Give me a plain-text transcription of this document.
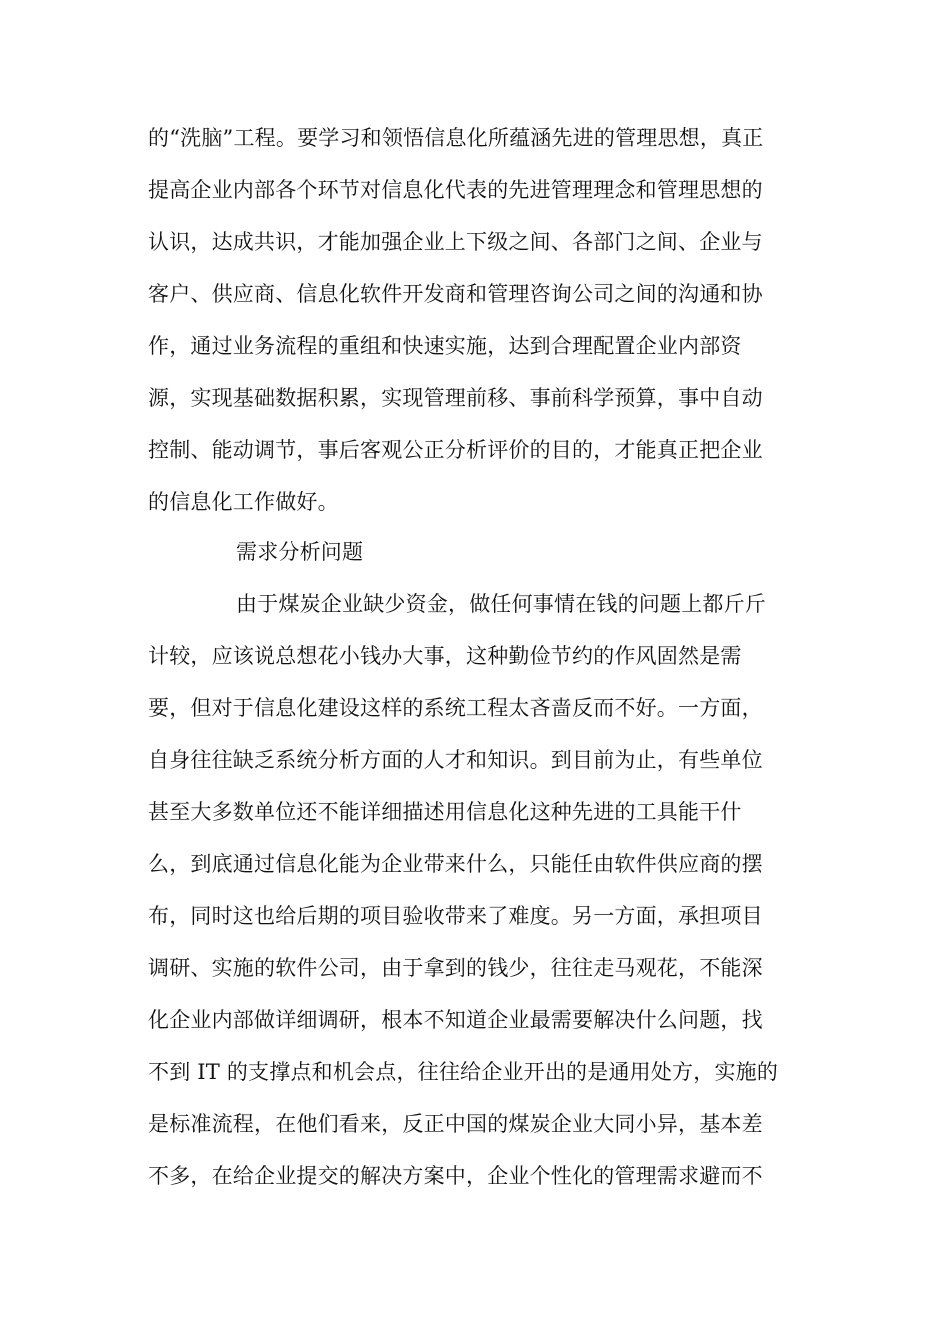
的“洗脑”工程。要学习和领悟信息化所蕴涵先进的管理思想，真正
提高企业内部各个环节对信息化代表的先进管理理念和管理思想的
认识，达成共识，才能加强企业上下级之间、各部门之间、企业与
客户、供应商、信息化软件开发商和管理咨询公司之间的沟通和协
作，通过业务流程的重组和快速实施，达到合理配置企业内部资
源，实现基础数据积累，实现管理前移、事前科学预算，事中自动
控制、能动调节，事后客观公正分析评价的目的，才能真正把企业
的信息化工作做好。
需求分析问题
由于煤炭企业缺少资金，做任何事情在钱的问题上都斤斤
计较，应该说总想花小钱办大事，这种勤俭节约的作风固然是需
要，但对于信息化建设这样的系统工程太吝啬反而不好。一方面，
自身往往缺乏系统分析方面的人才和知识。到目前为止，有些单位
甚至大多数单位还不能详细描述用信息化这种先进的工具能干什
么，到底通过信息化能为企业带来什么，只能任由软件供应商的摆
布，同时这也给后期的项目验收带来了难度。另一方面，承担项目
调研、实施的软件公司，由于拿到的钱少，往往走马观花，不能深
化企业内部做详细调研，根本不知道企业最需要解决什么问题，找
不到 IT 的支撑点和机会点，往往给企业开出的是通用处方，实施的
是标准流程，在他们看来，反正中国的煤炭企业大同小异，基本差
不多，在给企业提交的解决方案中，企业个性化的管理需求避而不
